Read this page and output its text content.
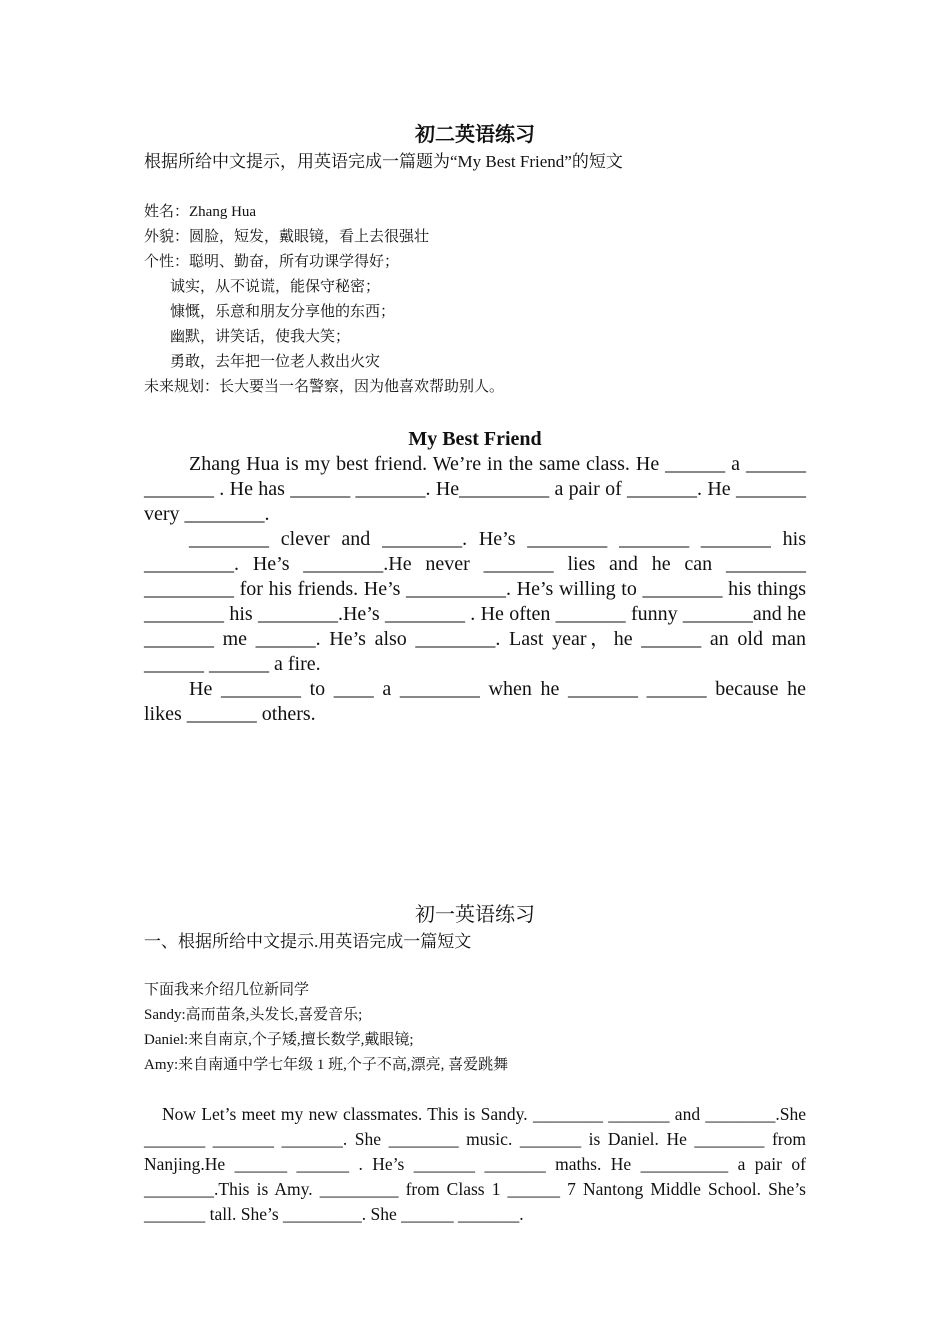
初二英语练习

根据所给中文提示，用英语完成一篇题为“My Best Friend”的短文

姓名：Zhang Hua

外貌：圆脸，短发，戴眼镜，看上去很强壮

个性：聪明、勤奋，所有功课学得好；

诚实，从不说谎，能保守秘密；

慷慨，乐意和朋友分享他的东西；

幽默，讲笑话，使我大笑；

勇敢，去年把一位老人救出火灾

未来规划：长大要当一名警察，因为他喜欢帮助别人。

My Best Friend

Zhang Hua is my best friend. We’re in the same class. He ______ a ______ _______ . He has ______ _______. He_________ a pair of _______. He _______ very ________.

________ clever and ________. He’s ________ _______ _______ his _________. He’s ________.He never _______ lies and he can ________ _________ for his friends. He’s __________. He’s willing to ________ his things ________ his ________.He’s ________ . He often _______ funny _______and he _______ me ______. He’s also ________. Last year，he ______ an old man ______ ______ a fire.

He ________ to ____ a ________ when he _______ ______ because he likes _______ others.

初一英语练习

一、根据所给中文提示.用英语完成一篇短文

下面我来介绍几位新同学

Sandy:高而苗条,头发长,喜爱音乐;

Daniel:来自南京,个子矮,擅长数学,戴眼镜;

Amy:来自南通中学七年级 1 班,个子不高,漂亮, 喜爱跳舞

Now Let’s meet my new classmates. This is Sandy. ________ _______ and ________.She _______ _______ _______. She ________ music. _______ is Daniel. He ________ from Nanjing.He ______ ______ . He’s _______ _______ maths. He __________ a pair of ________.This is Amy. _________ from Class 1 ______ 7 Nantong Middle School. She’s _______ tall. She’s _________. She ______ _______.
